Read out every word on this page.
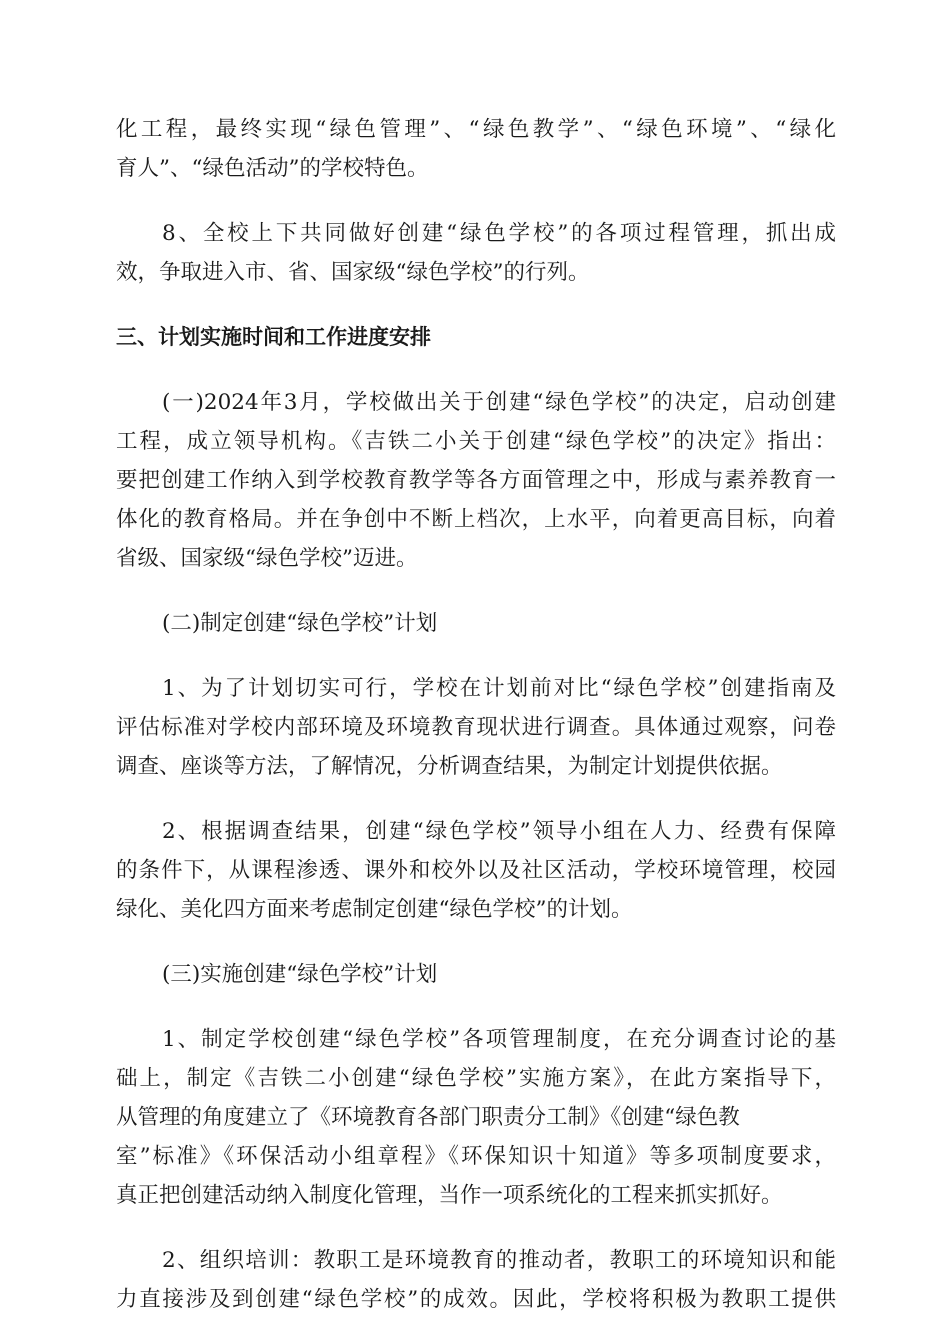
化工程，最终实现“绿色管理”、“绿色教学”、“绿色环境”、“绿化
育人”、“绿色活动”的学校特色。
8、全校上下共同做好创建“绿色学校”的各项过程管理，抓出成
效，争取进入市、省、国家级“绿色学校”的行列。
三、计划实施时间和工作进度安排
(一)2024年3月，学校做出关于创建“绿色学校”的决定，启动创建
工程，成立领导机构。《吉铁二小关于创建“绿色学校”的决定》指出：
要把创建工作纳入到学校教育教学等各方面管理之中，形成与素养教育一
体化的教育格局。并在争创中不断上档次，上水平，向着更高目标，向着
省级、国家级“绿色学校”迈进。
(二)制定创建“绿色学校”计划
1、为了计划切实可行，学校在计划前对比“绿色学校”创建指南及
评估标准对学校内部环境及环境教育现状进行调查。具体通过观察，问卷
调查、座谈等方法，了解情况，分析调查结果，为制定计划提供依据。
2、根据调查结果，创建“绿色学校”领导小组在人力、经费有保障
的条件下，从课程渗透、课外和校外以及社区活动，学校环境管理，校园
绿化、美化四方面来考虑制定创建“绿色学校”的计划。
(三)实施创建“绿色学校”计划
1、制定学校创建“绿色学校”各项管理制度，在充分调查讨论的基
础上，制定《吉铁二小创建“绿色学校”实施方案》，在此方案指导下，
从管理的角度建立了《环境教育各部门职责分工制》《创建“绿色教
室”标准》《环保活动小组章程》《环保知识十知道》等多项制度要求，
真正把创建活动纳入制度化管理，当作一项系统化的工程来抓实抓好。
2、组织培训：教职工是环境教育的推动者，教职工的环境知识和能
力直接涉及到创建“绿色学校”的成效。因此，学校将积极为教职工提供
